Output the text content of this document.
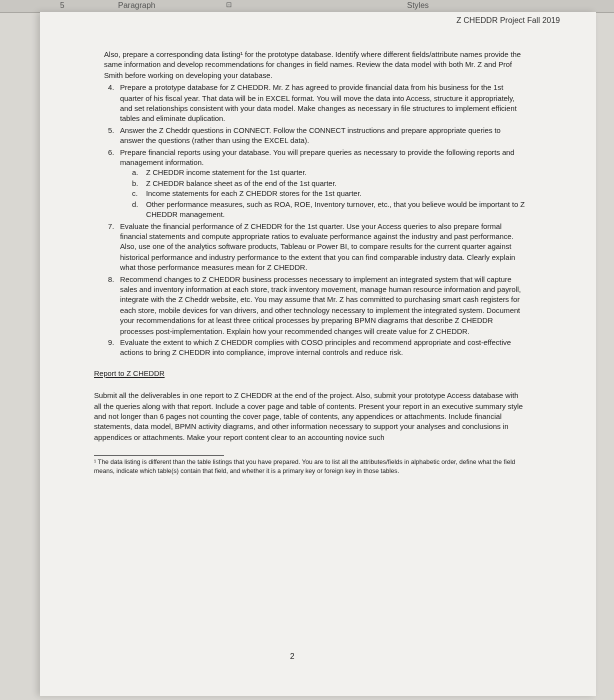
5	Paragraph	⊡	Styles
Z CHEDDR Project Fall 2019

Also, prepare a corresponding data listing¹ for the prototype database. Identify where different fields/attribute names provide the same information and develop recommendations for changes in field names. Review the data model with both Mr. Z and Prof Smith before working on developing your database.

4. Prepare a prototype database for Z CHEDDR. Mr. Z has agreed to provide financial data from his business for the 1st quarter of his fiscal year. That data will be in EXCEL format. You will move the data into Access, structure it appropriately, and set relationships consistent with your data model. Make changes as necessary in file structures to implement efficient tables and eliminate duplication.
5. Answer the Z Cheddr questions in CONNECT. Follow the CONNECT instructions and prepare appropriate queries to answer the questions (rather than using the EXCEL data).
6. Prepare financial reports using your database. You will prepare queries as necessary to provide the following reports and management information.
a. Z CHEDDR income statement for the 1st quarter.
b. Z CHEDDR balance sheet as of the end of the 1st quarter.
c. Income statements for each Z CHEDDR stores for the 1st quarter.
d. Other performance measures, such as ROA, ROE, Inventory turnover, etc., that you believe would be important to Z CHEDDR management.
7. Evaluate the financial performance of Z CHEDDR for the 1st quarter. Use your Access queries to also prepare formal financial statements and compute appropriate ratios to evaluate performance against the industry and past performance. Also, use one of the analytics software products, Tableau or Power BI, to compare results for the current quarter against historical performance and industry performance to the extent that you can find comparable industry data. Clearly explain what those performance measures mean for Z CHEDDR.
8. Recommend changes to Z CHEDDR business processes necessary to implement an integrated system that will capture sales and inventory information at each store, track inventory movement, manage human resource information and payroll, integrate with the Z Cheddr website, etc. You may assume that Mr. Z has committed to purchasing smart cash registers for each store, mobile devices for van drivers, and other technology necessary to implement the integrated system. Document your recommendations for at least three critical processes by preparing BPMN diagrams that describe Z CHEDDR processes post-implementation. Explain how your recommended changes will create value for Z CHEDDR.
9. Evaluate the extent to which Z CHEDDR complies with COSO principles and recommend appropriate and cost-effective actions to bring Z CHEDDR into compliance, improve internal controls and reduce risk.

Report to Z CHEDDR

Submit all the deliverables in one report to Z CHEDDR at the end of the project. Also, submit your prototype Access database with all the queries along with that report. Include a cover page and table of contents. Present your report in an executive summary style and not longer than 6 pages not counting the cover page, table of contents, any appendices or attachments. Include financial statements, data model, BPMN activity diagrams, and other information necessary to support your analyses and conclusions in appendices or attachments. Make your report content clear to an accounting novice such

¹ The data listing is different than the table listings that you have prepared. You are to list all the attributes/fields in alphabetic order, define what the field means, indicate which table(s) contain that field, and whether it is a primary key or foreign key in those tables.

2
